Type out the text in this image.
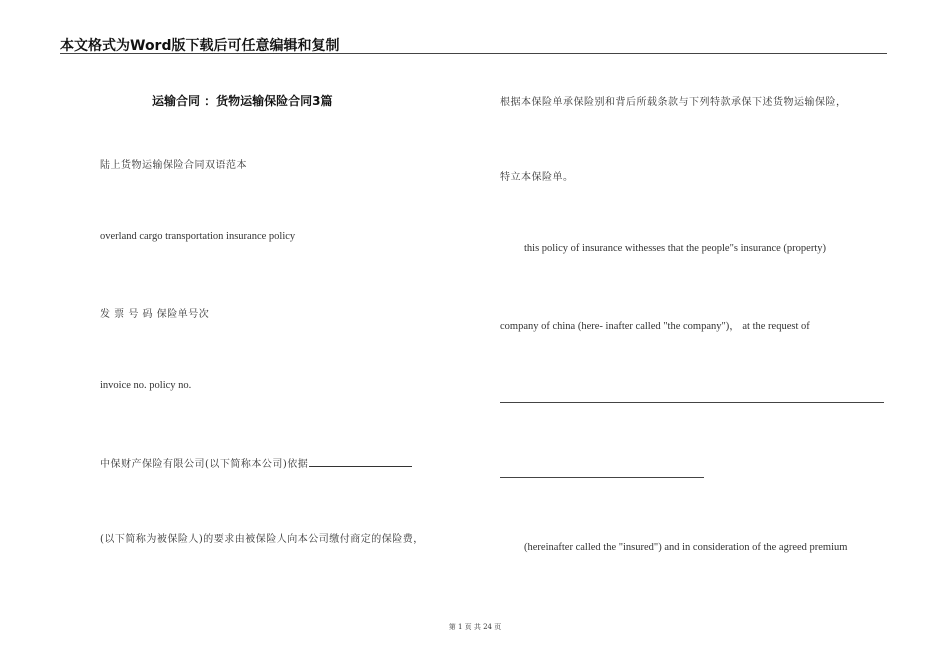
本文格式为Word版下载后可任意编辑和复制
运输合同 ：货物运输保险合同3篇
陆上货物运输保险合同双语范本
overland cargo transportation insurance policy
发 票 号 码 保险单号次
invoice no. policy no.
中保财产保险有限公司(以下简称本公司)依据
(以下简称为被保险人)的要求由被保险人向本公司缴付商定的保险费，
根据本保险单承保险别和背后所载条款与下列特款承保下述货物运输保险，
特立本保险单。
this policy of insurance withesses that the people"s insurance (property)
company of china (here- inafter called "the company")， at the request of
(hereinafter called the "insured") and in consideration of the agreed premium
第 1 页 共 24 页
